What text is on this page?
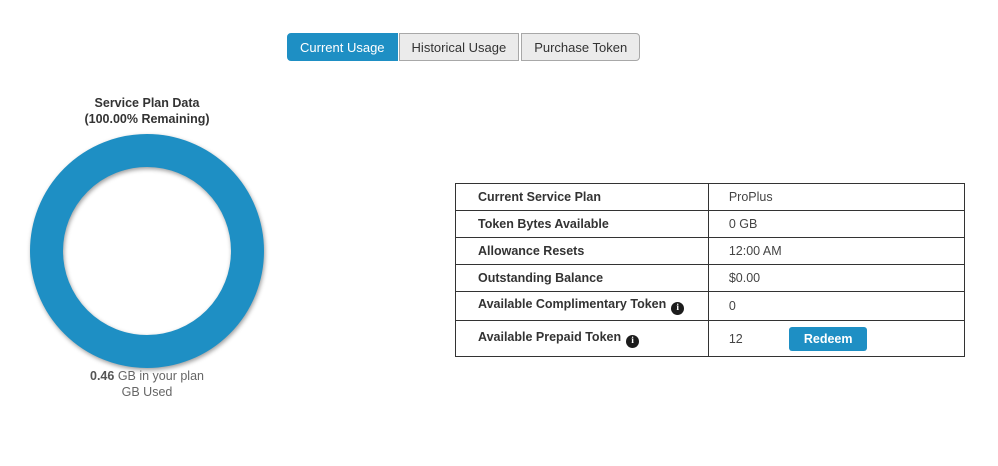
Current Usage	Historical Usage	Purchase Token
Service Plan Data
(100.00% Remaining)
0.46 GB in your plan
GB Used
Current Service Plan	ProPlus
Token Bytes Available	0 GB
Allowance Resets	12:00 AM
Outstanding Balance	$0.00
Available Complimentary Tokeni	0
Available Prepaid Tokeni	12 Redeem
